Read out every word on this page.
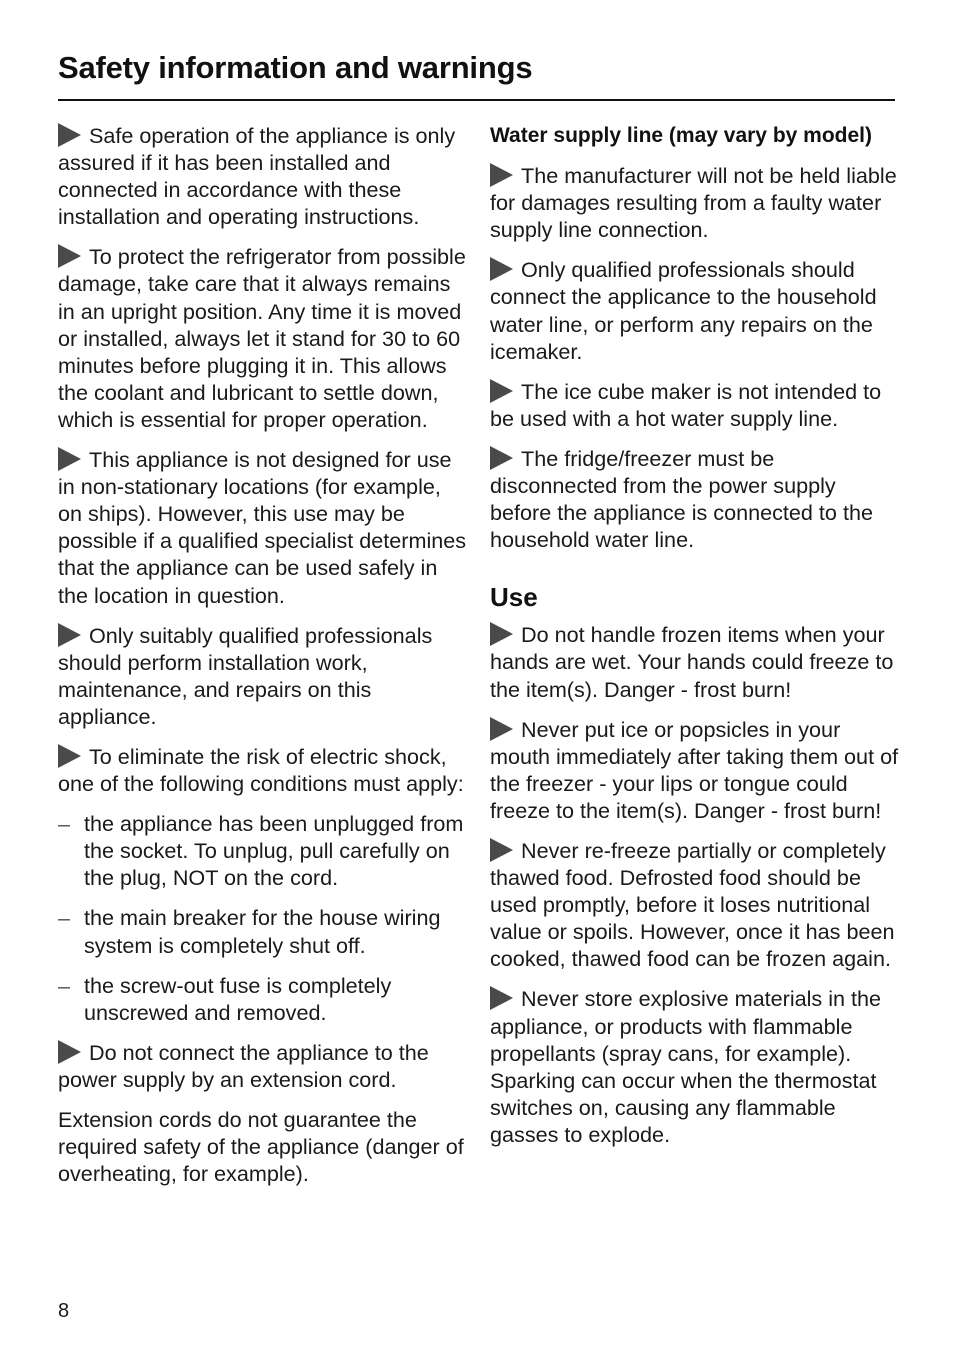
Safety information and warnings

Safe operation of the appliance is only assured if it has been installed and connected in accordance with these installation and operating instructions.

To protect the refrigerator from possible damage, take care that it always remains in an upright position. Any time it is moved or installed, always let it stand for 30 to 60 minutes before plugging it in. This allows the coolant and lubricant to settle down, which is essential for proper operation.

This appliance is not designed for use in non-stationary locations (for example, on ships). However, this use may be possible if a qualified specialist determines that the appliance can be used safely in the location in question.

Only suitably qualified professionals should perform installation work, maintenance, and repairs on this appliance.

To eliminate the risk of electric shock, one of the following conditions must apply:

– the appliance has been unplugged from the socket. To unplug, pull carefully on the plug, NOT on the cord.
– the main breaker for the house wiring system is completely shut off.
– the screw-out fuse is completely unscrewed and removed.

Do not connect the appliance to the power supply by an extension cord.

Extension cords do not guarantee the required safety of the appliance (danger of overheating, for example).

Water supply line (may vary by model)

The manufacturer will not be held liable for damages resulting from a faulty water supply line connection.

Only qualified professionals should connect the applicance to the household water line, or perform any repairs on the icemaker.

The ice cube maker is not intended to be used with a hot water supply line.

The fridge/freezer must be disconnected from the power supply before the appliance is connected to the household water line.

Use

Do not handle frozen items when your hands are wet. Your hands could freeze to the item(s). Danger - frost burn!

Never put ice or popsicles in your mouth immediately after taking them out of the freezer - your lips or tongue could freeze to the item(s). Danger - frost burn!

Never re-freeze partially or completely thawed food. Defrosted food should be used promptly, before it loses nutritional value or spoils. However, once it has been cooked, thawed food can be frozen again.

Never store explosive materials in the appliance, or products with flammable propellants (spray cans, for example). Sparking can occur when the thermostat switches on, causing any flammable gasses to explode.

8
